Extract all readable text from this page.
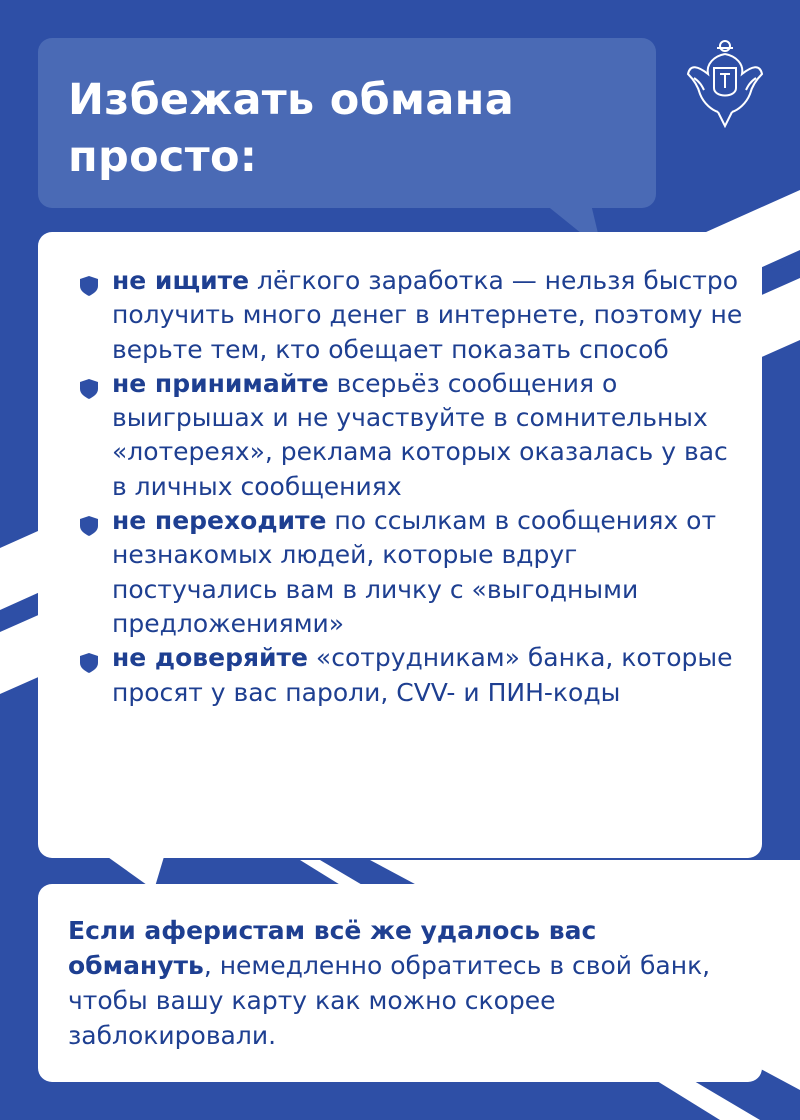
Избежать обмана
просто:
не ищите лёгкого заработка — нельзя быстро получить много денег в интернете, поэтому не верьте тем, кто обещает показать способ
не принимайте всерьёз сообщения о выигрышах и не участвуйте в сомнительных «лотереях», реклама которых оказалась у вас в личных сообщениях
не переходите по ссылкам в сообщениях от незнакомых людей, которые вдруг постучались вам в личку с «выгодными предложениями»
не доверяйте «сотрудникам» банка, которые просят у вас пароли, CVV- и ПИН-коды
Если аферистам всё же удалось вас обмануть, немедленно обратитесь в свой банк, чтобы вашу карту как можно скорее заблокировали.
